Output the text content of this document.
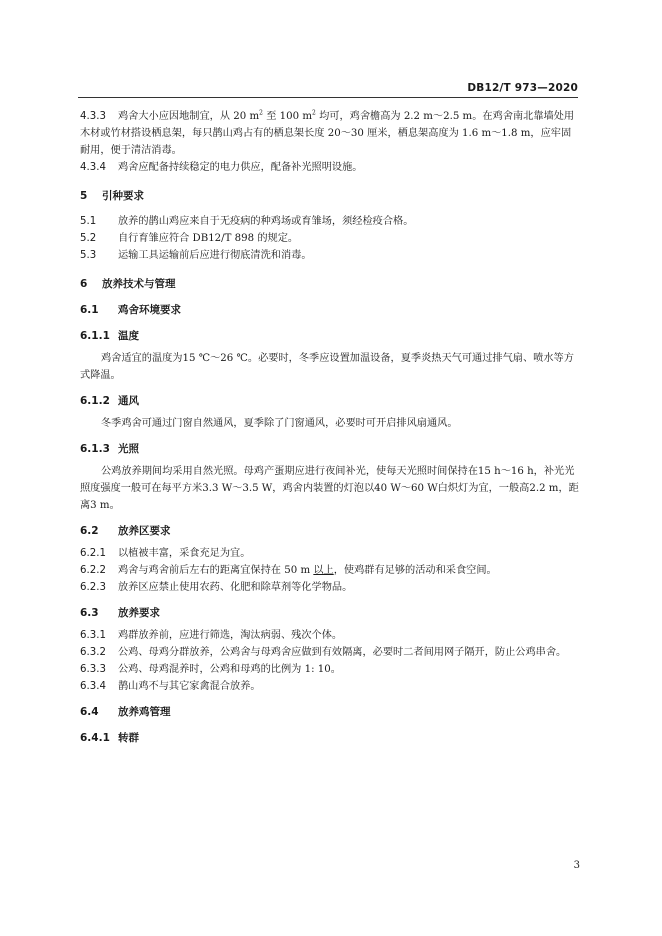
DB12/T 973—2020

4.3.3 鸡舍大小应因地制宜，从 20 $m^2$ 至 100 $m^2$ 均可，鸡舍檐高为 2.2 m～2.5 m。在鸡舍南北靠墙处用木材或竹材搭设栖息架，每只鹊山鸡占有的栖息架长度 20～30 厘米，栖息架高度为 1.6 m～1.8 m，应牢固耐用，便于清洁消毒。

4.3.4 鸡舍应配备持续稳定的电力供应，配备补光照明设施。

5 引种要求

5.1 放养的鹊山鸡应来自于无疫病的种鸡场或育雏场，须经检疫合格。

5.2 自行育雏应符合 DB12/T 898 的规定。

5.3 运输工具运输前后应进行彻底清洗和消毒。

6 放养技术与管理
6.1 鸡舍环境要求
6.1.1 温度

鸡舍适宜的温度为15 ℃～26 ℃。必要时，冬季应设置加温设备，夏季炎热天气可通过排气扇、喷水等方式降温。

6.1.2 通风

冬季鸡舍可通过门窗自然通风，夏季除了门窗通风，必要时可开启排风扇通风。

6.1.3 光照

公鸡放养期间均采用自然光照。母鸡产蛋期应进行夜间补光，使每天光照时间保持在15 h～16 h，补光光照度强度一般可在每平方米3.3 W～3.5 W，鸡舍内装置的灯泡以40 W～60 W白炽灯为宜，一般高2.2 m，距离3 m。

6.2 放养区要求

6.2.1 以植被丰富，采食充足为宜。

6.2.2 鸡舍与鸡舍前后左右的距离宜保持在 50 m 以上，使鸡群有足够的活动和采食空间。

6.2.3 放养区应禁止使用农药、化肥和除草剂等化学物品。

6.3 放养要求

6.3.1 鸡群放养前，应进行筛选，淘汰病弱、残次个体。

6.3.2 公鸡、母鸡分群放养，公鸡舍与母鸡舍应做到有效隔离，必要时二者间用网子隔开，防止公鸡串舍。

6.3.3 公鸡、母鸡混养时，公鸡和母鸡的比例为 1: 10。

6.3.4 鹊山鸡不与其它家禽混合放养。

6.4 放养鸡管理
6.4.1 转群
3
